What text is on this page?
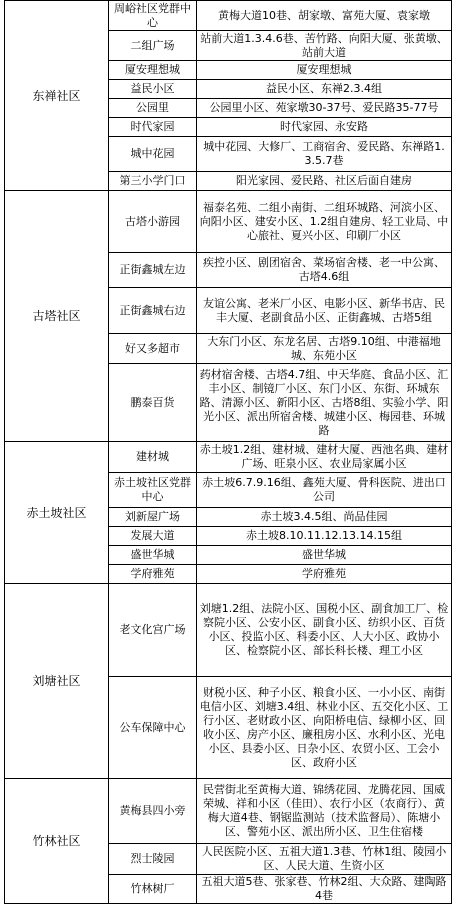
东禅社区	周峪社区党群中心	黄梅大道10巷、胡家墩、富苑大厦、袁家墩
	二组广场	站前大道1.3.4.6巷、苦竹路、向阳大厦、张黄墩、站前大道
	厦安理想城	厦安理想城
	益民小区	益民小区、东禅2.3.4组
	公园里	公园里小区、苑家墩30-37号、爱民路35-77号
	时代家园	时代家园、永安路
	城中花园	城中花园、大修厂、工商宿舍、爱民路、东禅路1.3.5.7巷
	第三小学门口	阳光家园、爱民路、社区后面自建房
古塔社区	古塔小游园	福泰名苑、二组小南街、二组环城路、河滨小区、向阳小区、建安小区、1.2组自建房、轻工业局、中心旅社、夏兴小区、印刷厂小区
	正街鑫城左边	疾控小区、剧团宿舍、菜场宿舍楼、老一中公寓、古塔4.6组
	正街鑫城右边	友谊公寓、老米厂小区、电影小区、新华书店、民丰大厦、老副食品小区、正街鑫城、古塔5组
	好又多超市	大东门小区、东龙名居、古塔9.10组、中港福地城、东苑小区
	鹏泰百货	药材宿舍楼、古塔4.7组、中天华庭、食品小区、汇丰小区、制镜厂小区、东门小区、东街、环城东路、清源小区、新阳小区、古塔8组、实验小学、阳光小区、派出所宿舍楼、城建小区、梅园巷、环城路
赤土坡社区	建材城	赤土坡1.2组、建材城、建材大厦、西池名典、建材广场、旺泉小区、农业局家属小区
	赤土坡社区党群中心	赤土坡6.7.9.16组、鑫苑大厦、骨科医院、进出口公司
	刘新屋广场	赤土坡3.4.5组、尚品佳园
	发展大道	赤土坡8.10.11.12.13.14.15组
	盛世华城	盛世华城
	学府雅苑	学府雅苑
刘塘社区	老文化宫广场	刘塘1.2组、法院小区、国税小区、副食加工厂、检察院小区、公安小区、副食小区、纺织小区、百货小区、投监小区、科委小区、人大小区、政协小区、检察院小区、部长科长楼、理工小区
	公车保障中心	财税小区、种子小区、粮食小区、一小小区、南街电信小区、刘塘3.4组、林业小区、五交化小区、工行小区、老财政小区、向阳桥电信、绿柳小区、回收小区、房产小区、廉租房小区、水利小区、光电小区、县委小区、日杂小区、农贸小区、工会小区、政府小区
竹林社区	黄梅县四小旁	民营街北至黄梅大道、锦绣花园、龙腾花园、国威荣城、祥和小区（佳田）、农行小区（农商行）、黄梅大道4巷、钢锯监测站（技术监督局）、陈塘小区、警苑小区、派出所小区、卫生住宿楼
	烈士陵园	人民医院小区、五祖大道1.3巷、竹林1组、陵园小区、人民大道、生资小区
	竹林树厂	五祖大道5巷、张家巷、竹林2组、大众路、建陶路4巷
